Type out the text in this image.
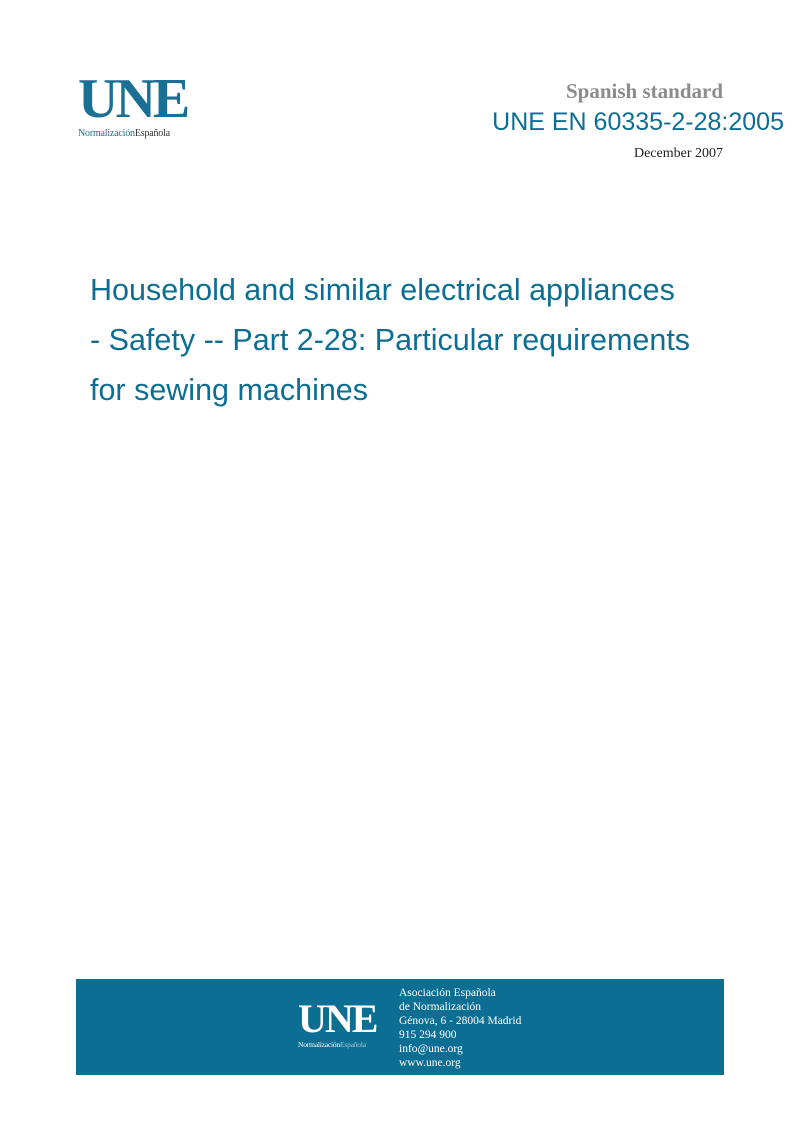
UNE
NormalizaciónEspañola
Spanish standard
UNE EN 60335-2-28:2005
December 2007
Household and similar electrical appliances
- Safety -- Part 2-28: Particular requirements
for sewing machines
UNE
NormalizaciónEspañola
Asociación Española
de Normalización
Génova, 6 - 28004 Madrid
915 294 900
info@une.org
www.une.org
